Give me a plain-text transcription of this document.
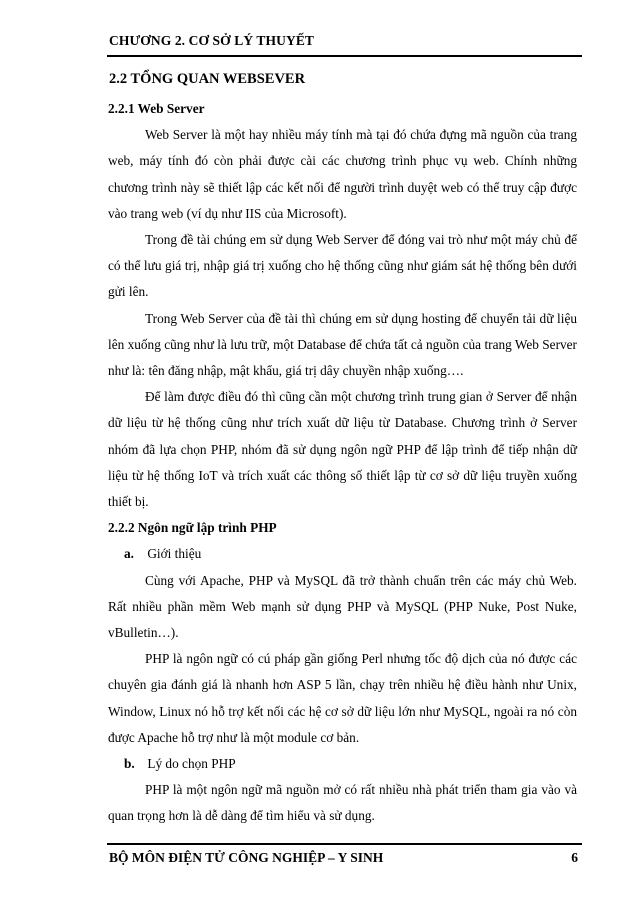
CHƯƠNG 2. CƠ SỞ LÝ THUYẾT
2.2 TỔNG QUAN WEBSEVER
2.2.1 Web Server

Web Server là một hay nhiều máy tính mà tại đó chứa đựng mã nguồn của trang web, máy tính đó còn phải được cài các chương trình phục vụ web. Chính những chương trình này sẽ thiết lập các kết nối để người trình duyệt web có thể truy cập được vào trang web (ví dụ như IIS của Microsoft).

Trong đề tài chúng em sử dụng Web Server để đóng vai trò như một máy chủ để có thể lưu giá trị, nhập giá trị xuống cho hệ thống cũng như giám sát hệ thống bên dưới gửi lên.

Trong Web Server của đề tài thì chúng em sử dụng hosting để chuyển tải dữ liệu lên xuống cũng như là lưu trữ, một Database để chứa tất cả nguồn của trang Web Server như là: tên đăng nhập, mật khẩu, giá trị dây chuyền nhập xuống….

Để làm được điều đó thì cũng cần một chương trình trung gian ở Server để nhận dữ liệu từ hệ thống cũng như trích xuất dữ liệu từ Database. Chương trình ở Server nhóm đã lựa chọn PHP, nhóm đã sử dụng ngôn ngữ PHP để lập trình để tiếp nhận dữ liệu từ hệ thống IoT và trích xuất các thông số thiết lập từ cơ sở dữ liệu truyền xuống thiết bị.

2.2.2 Ngôn ngữ lập trình PHP
a. Giới thiệu

Cùng với Apache, PHP và MySQL đã trở thành chuẩn trên các máy chủ Web. Rất nhiều phần mềm Web mạnh sử dụng PHP và MySQL (PHP Nuke, Post Nuke, vBulletin…).

PHP là ngôn ngữ có cú pháp gần giống Perl nhưng tốc độ dịch của nó được các chuyên gia đánh giá là nhanh hơn ASP 5 lần, chạy trên nhiều hệ điều hành như Unix, Window, Linux nó hỗ trợ kết nối các hệ cơ sở dữ liệu lớn như MySQL, ngoài ra nó còn được Apache hỗ trợ như là một module cơ bản.

b. Lý do chọn PHP

PHP là một ngôn ngữ mã nguồn mở có rất nhiều nhà phát triển tham gia vào và quan trọng hơn là dễ dàng để tìm hiểu và sử dụng.

BỘ MÔN ĐIỆN TỬ CÔNG NGHIỆP – Y SINH	6
